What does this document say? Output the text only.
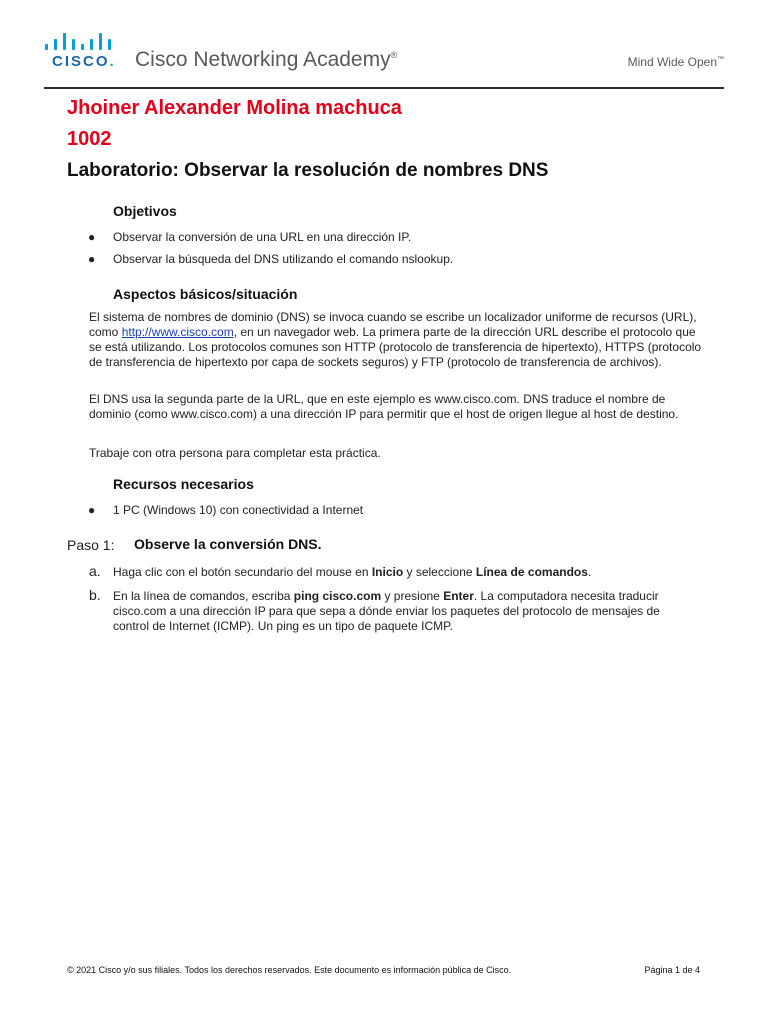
CISCO. Cisco Networking Academy®	Mind Wide Open™
Jhoiner Alexander Molina machuca
1002
Laboratorio: Observar la resolución de nombres DNS
Objetivos
● Observar la conversión de una URL en una dirección IP.
● Observar la búsqueda del DNS utilizando el comando nslookup.
Aspectos básicos/situación
El sistema de nombres de dominio (DNS) se invoca cuando se escribe un localizador uniforme de recursos (URL), como http://www.cisco.com, en un navegador web. La primera parte de la dirección URL describe el protocolo que se está utilizando. Los protocolos comunes son HTTP (protocolo de transferencia de hipertexto), HTTPS (protocolo de transferencia de hipertexto por capa de sockets seguros) y FTP (protocolo de transferencia de archivos).
El DNS usa la segunda parte de la URL, que en este ejemplo es www.cisco.com. DNS traduce el nombre de dominio (como www.cisco.com) a una dirección IP para permitir que el host de origen llegue al host de destino.
Trabaje con otra persona para completar esta práctica.
Recursos necesarios
● 1 PC (Windows 10) con conectividad a Internet
Paso 1: Observe la conversión DNS.
a. Haga clic con el botón secundario del mouse en Inicio y seleccione Línea de comandos.
b. En la línea de comandos, escriba ping cisco.com y presione Enter. La computadora necesita traducir cisco.com a una dirección IP para que sepa a dónde enviar los paquetes del protocolo de mensajes de control de Internet (ICMP). Un ping es un tipo de paquete ICMP.
© 2021 Cisco y/o sus filiales. Todos los derechos reservados. Este documento es información pública de Cisco.	Página 1 de 4
